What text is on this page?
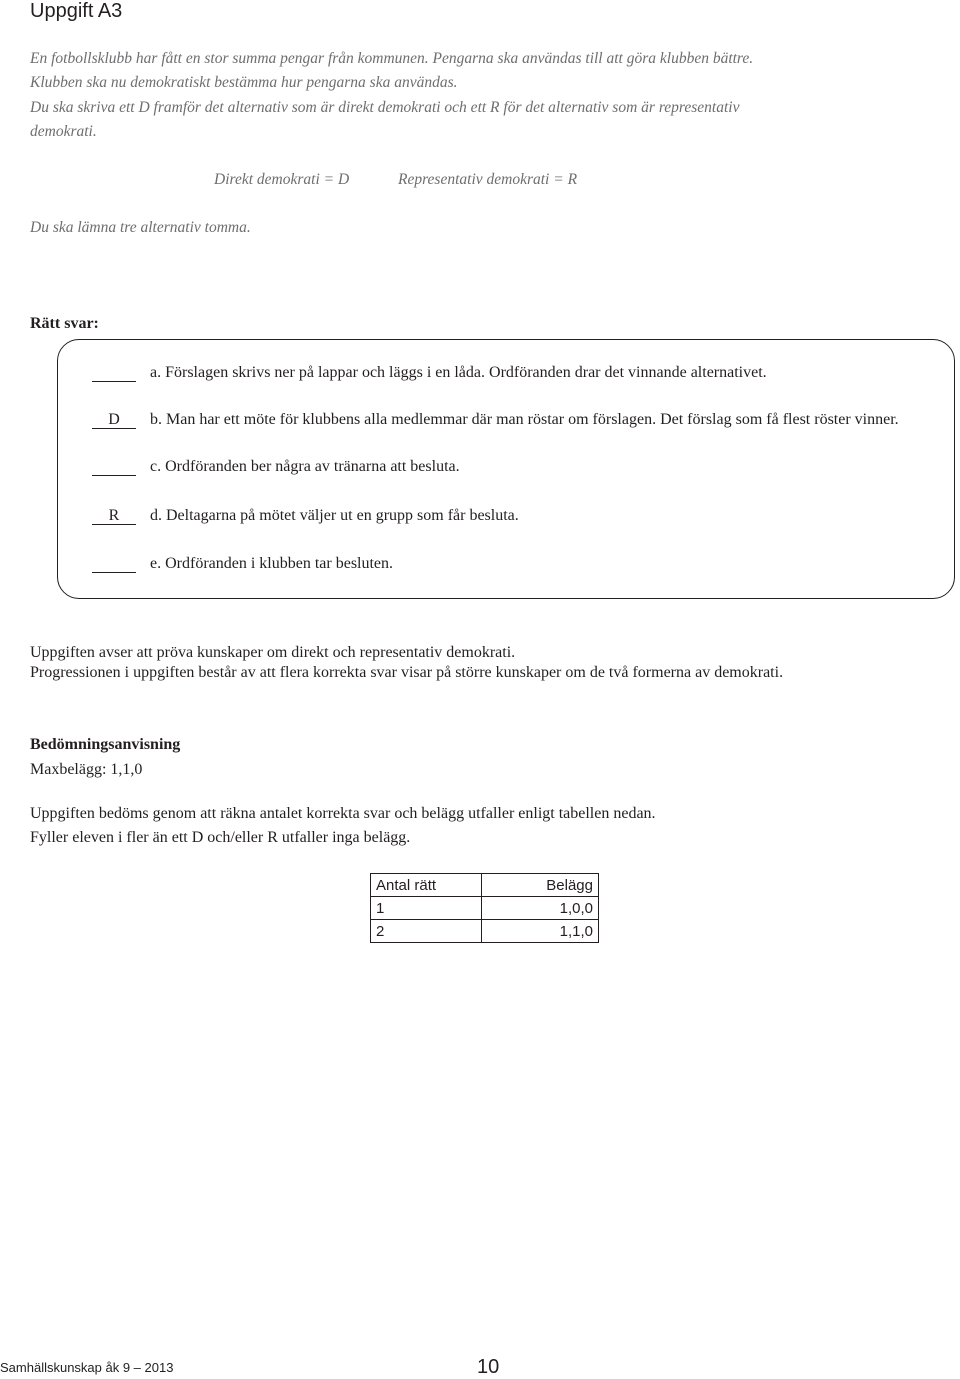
Uppgift A3
En fotbollsklubb har fått en stor summa pengar från kommunen. Pengarna ska användas till att göra klubben bättre.
Klubben ska nu demokratiskt bestämma hur pengarna ska användas.
Du ska skriva ett D framför det alternativ som är direkt demokrati och ett R för det alternativ som är representativ
demokrati.
Direkt demokrati = D	Representativ demokrati = R
Du ska lämna tre alternativ tomma.
Rätt svar:
a. Förslagen skrivs ner på lappar och läggs i en låda. Ordföranden drar det vinnande alternativet.
D	b. Man har ett möte för klubbens alla medlemmar där man röstar om förslagen. Det förslag som få flest röster vinner.
c. Ordföranden ber några av tränarna att besluta.
R	d. Deltagarna på mötet väljer ut en grupp som får besluta.
e. Ordföranden i klubben tar besluten.
Uppgiften avser att pröva kunskaper om direkt och representativ demokrati.
Progressionen i uppgiften består av att flera korrekta svar visar på större kunskaper om de två formerna av demokrati.
Bedömningsanvisning
Maxbelägg: 1,1,0
Uppgiften bedöms genom att räkna antalet korrekta svar och belägg utfaller enligt tabellen nedan.
Fyller eleven i fler än ett D och/eller R utfaller inga belägg.
Antal rätt	Belägg
1	1,0,0
2	1,1,0
Samhällskunskap åk 9 – 2013	10
